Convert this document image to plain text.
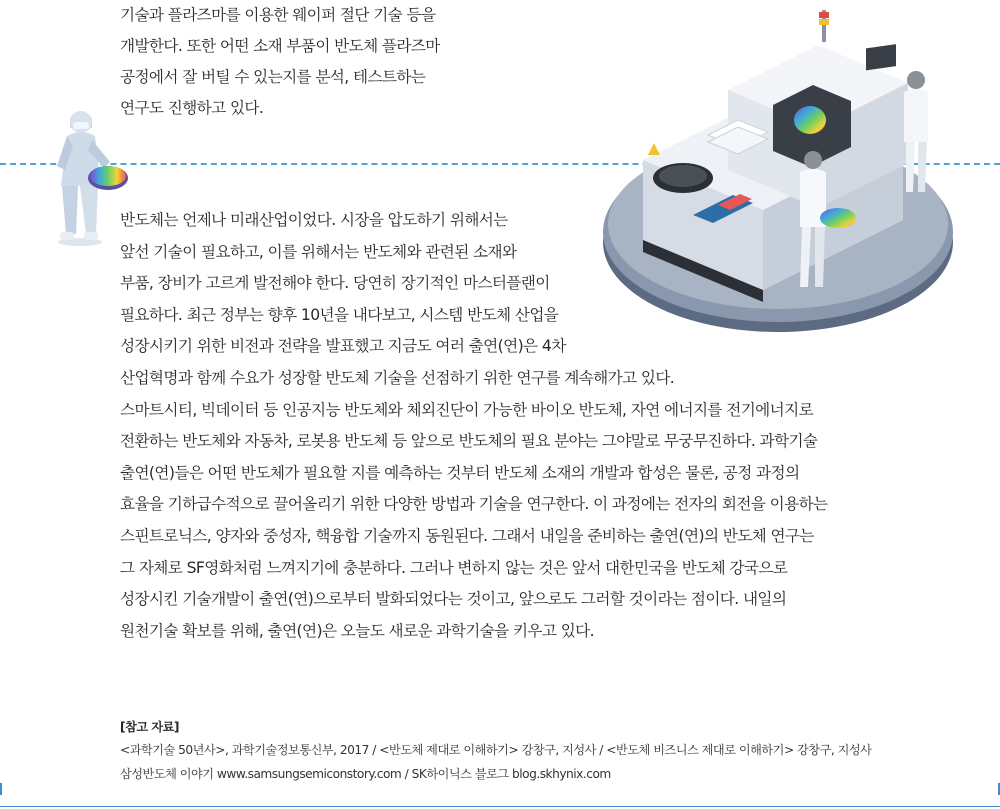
기술과 플라즈마를 이용한 웨이퍼 절단 기술 등을
개발한다. 또한 어떤 소재 부품이 반도체 플라즈마
공정에서 잘 버틸 수 있는지를 분석, 테스트하는
연구도 진행하고 있다.
반도체는 언제나 미래산업이었다. 시장을 압도하기 위해서는
앞선 기술이 필요하고, 이를 위해서는 반도체와 관련된 소재와
부품, 장비가 고르게 발전해야 한다. 당연히 장기적인 마스터플랜이
필요하다. 최근 정부는 향후 10년을 내다보고, 시스템 반도체 산업을
성장시키기 위한 비전과 전략을 발표했고 지금도 여러 출연(연)은 4차
산업혁명과 함께 수요가 성장할 반도체 기술을 선점하기 위한 연구를 계속해가고 있다.
스마트시티, 빅데이터 등 인공지능 반도체와 체외진단이 가능한 바이오 반도체, 자연 에너지를 전기에너지로
전환하는 반도체와 자동차, 로봇용 반도체 등 앞으로 반도체의 필요 분야는 그야말로 무궁무진하다. 과학기술
출연(연)들은 어떤 반도체가 필요할 지를 예측하는 것부터 반도체 소재의 개발과 합성은 물론, 공정 과정의
효율을 기하급수적으로 끌어올리기 위한 다양한 방법과 기술을 연구한다. 이 과정에는 전자의 회전을 이용하는
스핀트로닉스, 양자와 중성자, 핵융합 기술까지 동원된다. 그래서 내일을 준비하는 출연(연)의 반도체 연구는
그 자체로 SF영화처럼 느껴지기에 충분하다. 그러나 변하지 않는 것은 앞서 대한민국을 반도체 강국으로
성장시킨 기술개발이 출연(연)으로부터 발화되었다는 것이고, 앞으로도 그러할 것이라는 점이다. 내일의
원천기술 확보를 위해, 출연(연)은 오늘도 새로운 과학기술을 키우고 있다.
[참고 자료]
<과학기술 50년사>, 과학기술정보통신부, 2017 / <반도체 제대로 이해하기> 강창구, 지성사 / <반도체 비즈니스 제대로 이해하기> 강창구, 지성사
삼성반도체 이야기 www.samsungsemiconstory.com / SK하이닉스 블로그 blog.skhynix.com
